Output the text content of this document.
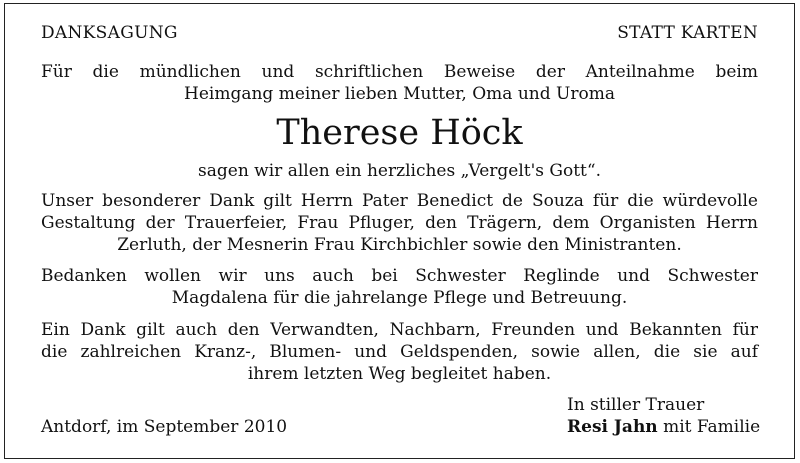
DANKSAGUNG	STATT KARTEN
Für die mündlichen und schriftlichen Beweise der Anteilnahme beim
Heimgang meiner lieben Mutter, Oma und Uroma
Therese Höck
sagen wir allen ein herzliches „Vergelt's Gott“.
Unser besonderer Dank gilt Herrn Pater Benedict de Souza für die würdevolle
Gestaltung der Trauerfeier, Frau Pfluger, den Trägern, dem Organisten Herrn
Zerluth, der Mesnerin Frau Kirchbichler sowie den Ministranten.
Bedanken wollen wir uns auch bei Schwester Reglinde und Schwester
Magdalena für die jahrelange Pflege und Betreuung.
Ein Dank gilt auch den Verwandten, Nachbarn, Freunden und Bekannten für
die zahlreichen Kranz-, Blumen- und Geldspenden, sowie allen, die sie auf
ihrem letzten Weg begleitet haben.
In stiller Trauer
Antdorf, im September 2010	Resi Jahn mit Familie
